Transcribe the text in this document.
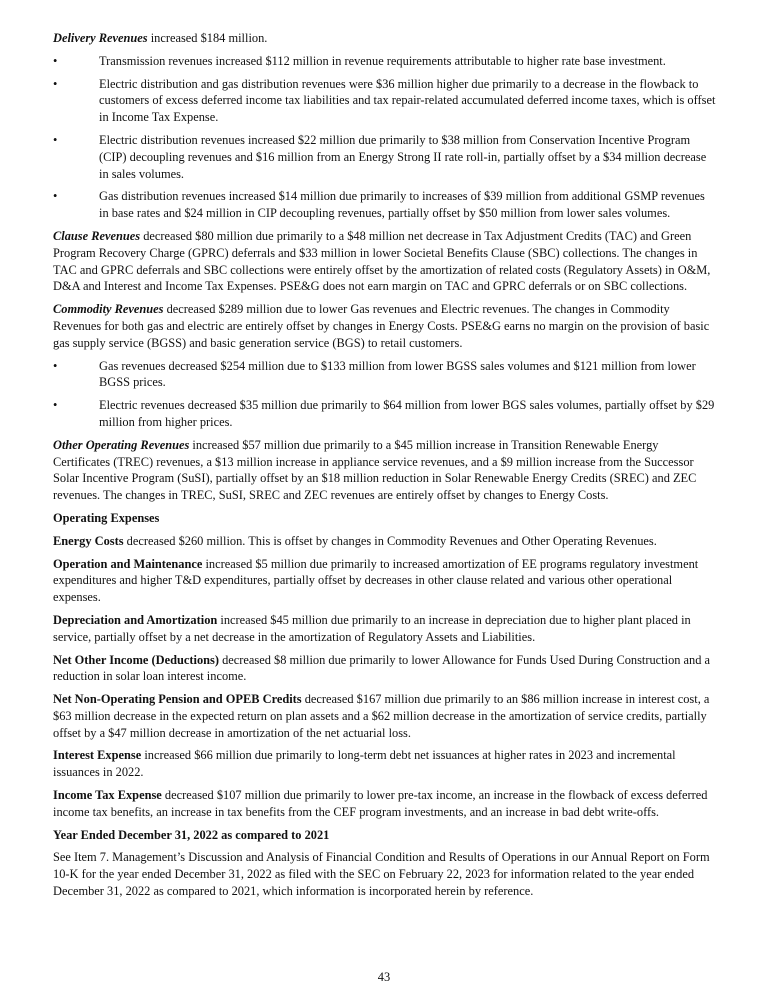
Delivery Revenues increased $184 million.

•	Transmission revenues increased $112 million in revenue requirements attributable to higher rate base investment.
•	Electric distribution and gas distribution revenues were $36 million higher due primarily to a decrease in the flowback to customers of excess deferred income tax liabilities and tax repair-related accumulated deferred income taxes, which is offset in Income Tax Expense.
•	Electric distribution revenues increased $22 million due primarily to $38 million from Conservation Incentive Program (CIP) decoupling revenues and $16 million from an Energy Strong II rate roll-in, partially offset by a $34 million decrease in sales volumes.
•	Gas distribution revenues increased $14 million due primarily to increases of $39 million from additional GSMP revenues in base rates and $24 million in CIP decoupling revenues, partially offset by $50 million from lower sales volumes.

Clause Revenues decreased $80 million due primarily to a $48 million net decrease in Tax Adjustment Credits (TAC) and Green Program Recovery Charge (GPRC) deferrals and $33 million in lower Societal Benefits Clause (SBC) collections. The changes in TAC and GPRC deferrals and SBC collections were entirely offset by the amortization of related costs (Regulatory Assets) in O&M, D&A and Interest and Income Tax Expenses. PSE&G does not earn margin on TAC and GPRC deferrals or on SBC collections.

Commodity Revenues decreased $289 million due to lower Gas revenues and Electric revenues. The changes in Commodity Revenues for both gas and electric are entirely offset by changes in Energy Costs. PSE&G earns no margin on the provision of basic gas supply service (BGSS) and basic generation service (BGS) to retail customers.

•	Gas revenues decreased $254 million due to $133 million from lower BGSS sales volumes and $121 million from lower BGSS prices.
•	Electric revenues decreased $35 million due primarily to $64 million from lower BGS sales volumes, partially offset by $29 million from higher prices.

Other Operating Revenues increased $57 million due primarily to a $45 million increase in Transition Renewable Energy Certificates (TREC) revenues, a $13 million increase in appliance service revenues, and a $9 million increase from the Successor Solar Incentive Program (SuSI), partially offset by an $18 million reduction in Solar Renewable Energy Credits (SREC) and ZEC revenues. The changes in TREC, SuSI, SREC and ZEC revenues are entirely offset by changes to Energy Costs.

Operating Expenses

Energy Costs decreased $260 million. This is offset by changes in Commodity Revenues and Other Operating Revenues.

Operation and Maintenance increased $5 million due primarily to increased amortization of EE programs regulatory investment expenditures and higher T&D expenditures, partially offset by decreases in other clause related and various other operational expenses.

Depreciation and Amortization increased $45 million due primarily to an increase in depreciation due to higher plant placed in service, partially offset by a net decrease in the amortization of Regulatory Assets and Liabilities.

Net Other Income (Deductions) decreased $8 million due primarily to lower Allowance for Funds Used During Construction and a reduction in solar loan interest income.

Net Non-Operating Pension and OPEB Credits decreased $167 million due primarily to an $86 million increase in interest cost, a $63 million decrease in the expected return on plan assets and a $62 million decrease in the amortization of service credits, partially offset by a $47 million decrease in amortization of the net actuarial loss.

Interest Expense increased $66 million due primarily to long-term debt net issuances at higher rates in 2023 and incremental issuances in 2022.

Income Tax Expense decreased $107 million due primarily to lower pre-tax income, an increase in the flowback of excess deferred income tax benefits, an increase in tax benefits from the CEF program investments, and an increase in bad debt write-offs.

Year Ended December 31, 2022 as compared to 2021

See Item 7. Management’s Discussion and Analysis of Financial Condition and Results of Operations in our Annual Report on Form 10-K for the year ended December 31, 2022 as filed with the SEC on February 22, 2023 for information related to the year ended December 31, 2022 as compared to 2021, which information is incorporated herein by reference.

43
